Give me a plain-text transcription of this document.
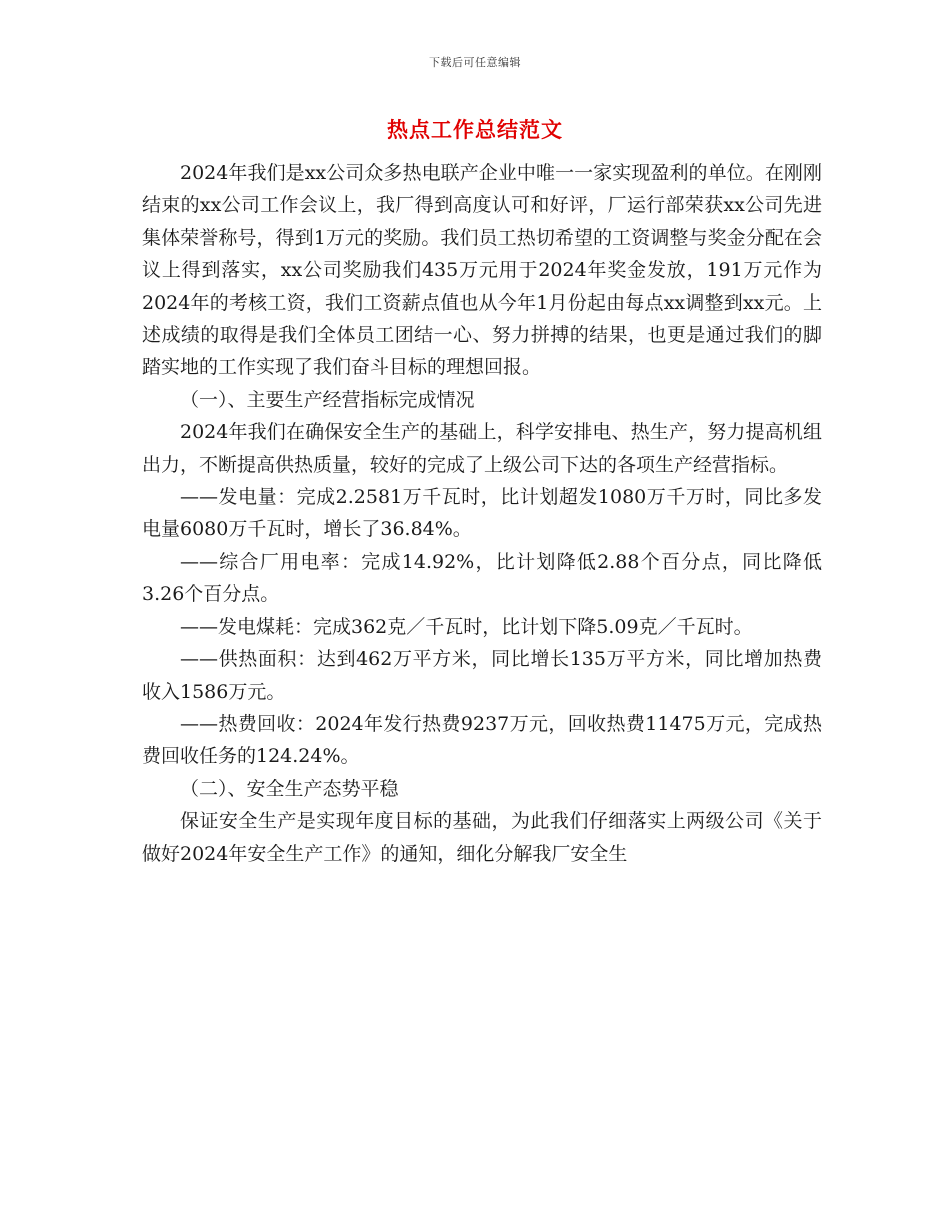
下载后可任意编辑
热点工作总结范文

2024年我们是xx公司众多热电联产企业中唯一一家实现盈利的单位。在刚刚结束的xx公司工作会议上，我厂得到高度认可和好评，厂运行部荣获xx公司先进集体荣誉称号，得到1万元的奖励。我们员工热切希望的工资调整与奖金分配在会议上得到落实，xx公司奖励我们435万元用于2024年奖金发放，191万元作为2024年的考核工资，我们工资薪点值也从今年1月份起由每点xx调整到xx元。上述成绩的取得是我们全体员工团结一心、努力拼搏的结果，也更是通过我们的脚踏实地的工作实现了我们奋斗目标的理想回报。

（一）、主要生产经营指标完成情况

2024年我们在确保安全生产的基础上，科学安排电、热生产，努力提高机组出力，不断提高供热质量，较好的完成了上级公司下达的各项生产经营指标。

——发电量：完成2.2581万千瓦时，比计划超发1080万千万时，同比多发电量6080万千瓦时，增长了36.84%。

——综合厂用电率：完成14.92%，比计划降低2.88个百分点，同比降低3.26个百分点。

——发电煤耗：完成362克／千瓦时，比计划下降5.09克／千瓦时。

——供热面积：达到462万平方米，同比增长135万平方米，同比增加热费收入1586万元。

——热费回收：2024年发行热费9237万元，回收热费11475万元，完成热费回收任务的124.24%。

（二）、安全生产态势平稳

保证安全生产是实现年度目标的基础，为此我们仔细落实上两级公司《关于做好2024年安全生产工作》的通知，细化分解我厂安全生
